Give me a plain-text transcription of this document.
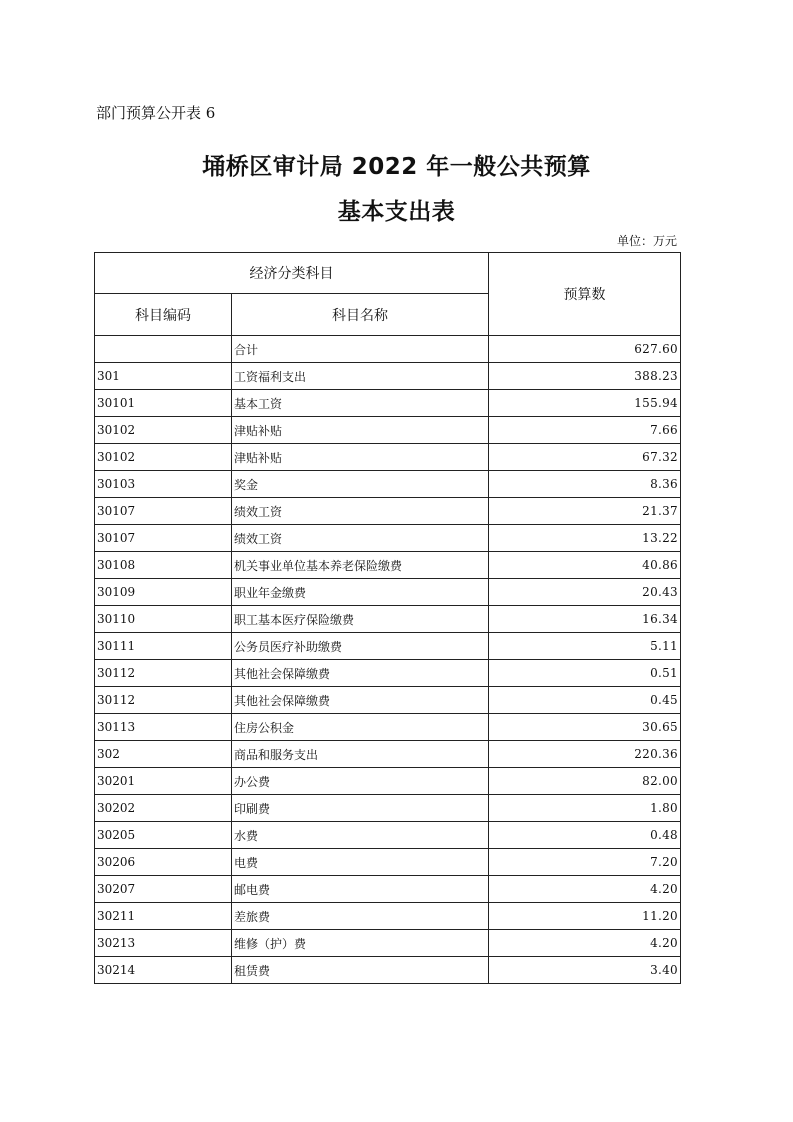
部门预算公开表 6
埇桥区审计局 2022 年一般公共预算
基本支出表
单位：万元
经济分类科目		预算数
科目编码	科目名称	
	合计	627.60
301	工资福利支出	388.23
30101	基本工资	155.94
30102	津贴补贴	7.66
30102	津贴补贴	67.32
30103	奖金	8.36
30107	绩效工资	21.37
30107	绩效工资	13.22
30108	机关事业单位基本养老保险缴费	40.86
30109	职业年金缴费	20.43
30110	职工基本医疗保险缴费	16.34
30111	公务员医疗补助缴费	5.11
30112	其他社会保障缴费	0.51
30112	其他社会保障缴费	0.45
30113	住房公积金	30.65
302	商品和服务支出	220.36
30201	办公费	82.00
30202	印刷费	1.80
30205	水费	0.48
30206	电费	7.20
30207	邮电费	4.20
30211	差旅费	11.20
30213	维修（护）费	4.20
30214	租赁费	3.40
